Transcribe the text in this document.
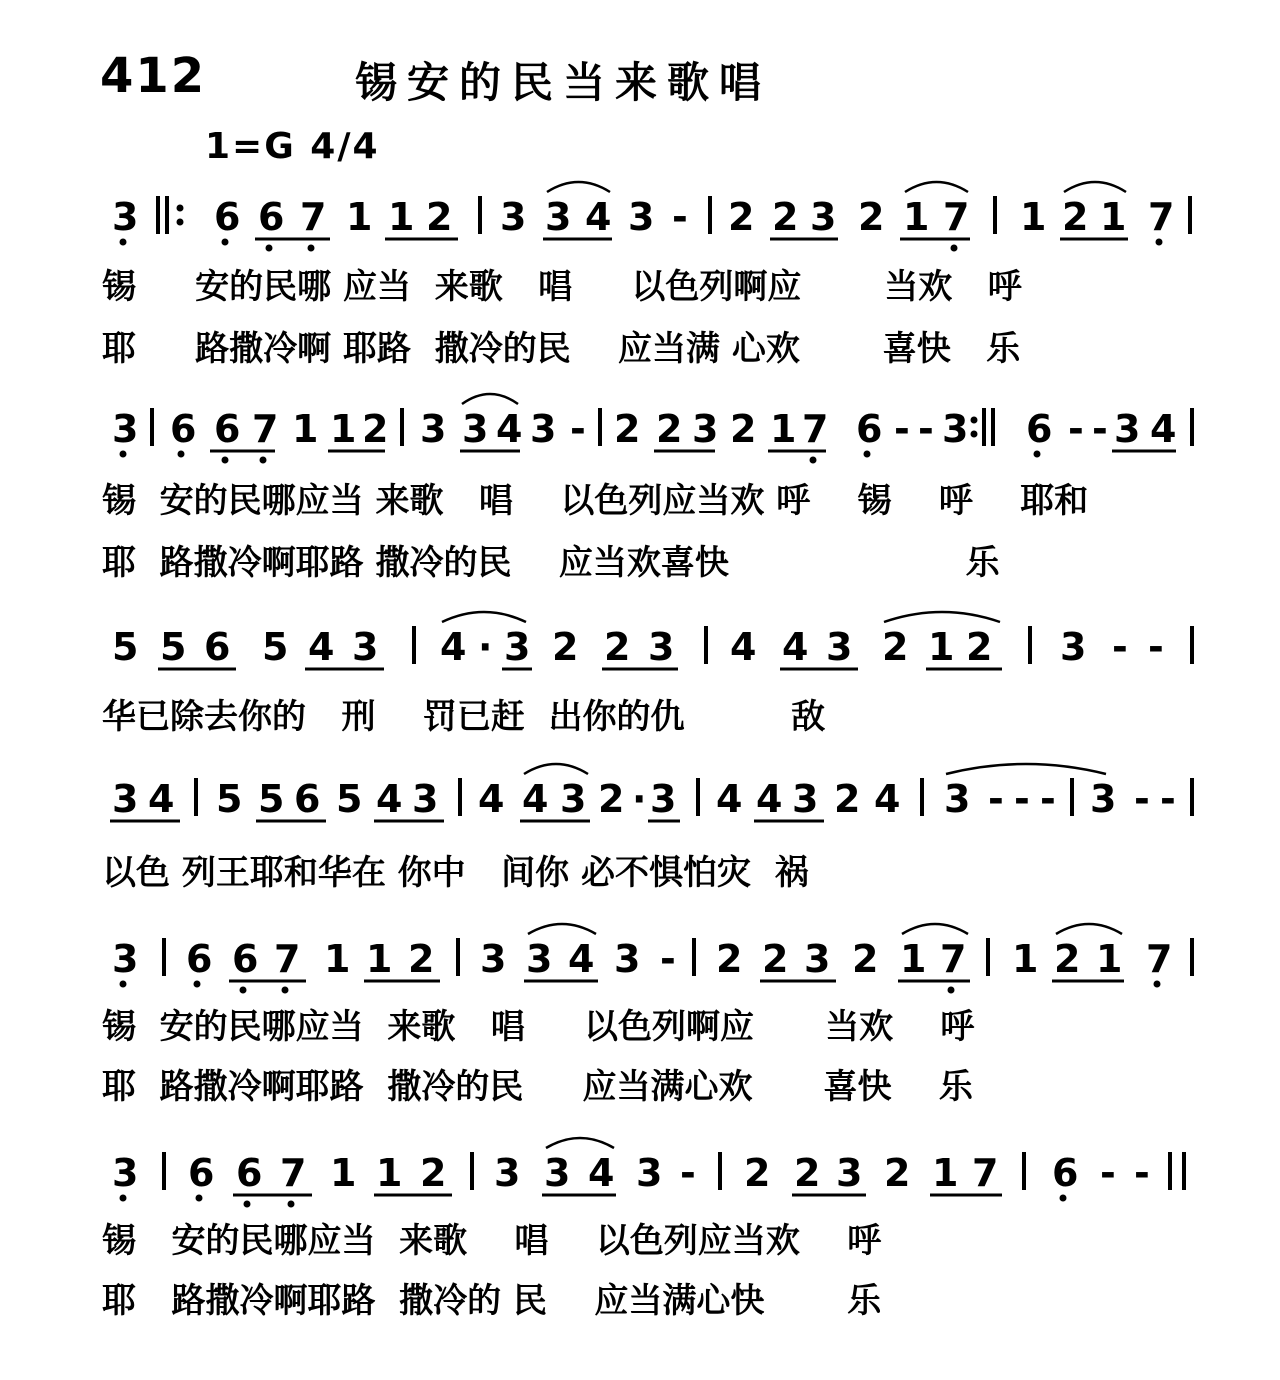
412	锡安的民当来歌唱
1=G 4/4
3 6 6 7 1 1 2 3 3 4 3 - 2 2 3 2 1 7 1 2 1 7
3 6 6 7 1 1 2 3 3 4 3 - 2 2 3 2 1 7 6 - - 3 6 - - 3 4
5 5 6 5 4 3 4 · 3 2 2 3 4 4 3 2 1 2 3 - -
3 4 5 5 6 5 4 3 4 4 3 2 · 3 4 4 3 2 4 3 - - - 3 - -
3 6 6 7 1 1 2 3 3 4 3 - 2 2 3 2 1 7 1 2 1 7
3 6 6 7 1 1 2 3 3 4 3 - 2 2 3 2 1 7 6 - -
锡     安的民哪 应当  来歌   唱     以色列啊应       当欢   呼
耶     路撒冷啊 耶路  撒冷的民    应当满 心欢       喜快   乐
锡  安的民哪应当 来歌   唱    以色列应当欢 呼    锡    呼    耶和
耶  路撒冷啊耶路 撒冷的民    应当欢喜快                    乐
华已除去你的   刑    罚已赶  出你的仇         敌
以色 列王耶和华在 你中   间你 必不惧怕灾  祸
锡  安的民哪应当  来歌   唱     以色列啊应      当欢    呼
耶  路撒冷啊耶路  撒冷的民     应当满心欢      喜快    乐
锡   安的民哪应当  来歌    唱    以色列应当欢    呼
耶   路撒冷啊耶路  撒冷的 民    应当满心快       乐
